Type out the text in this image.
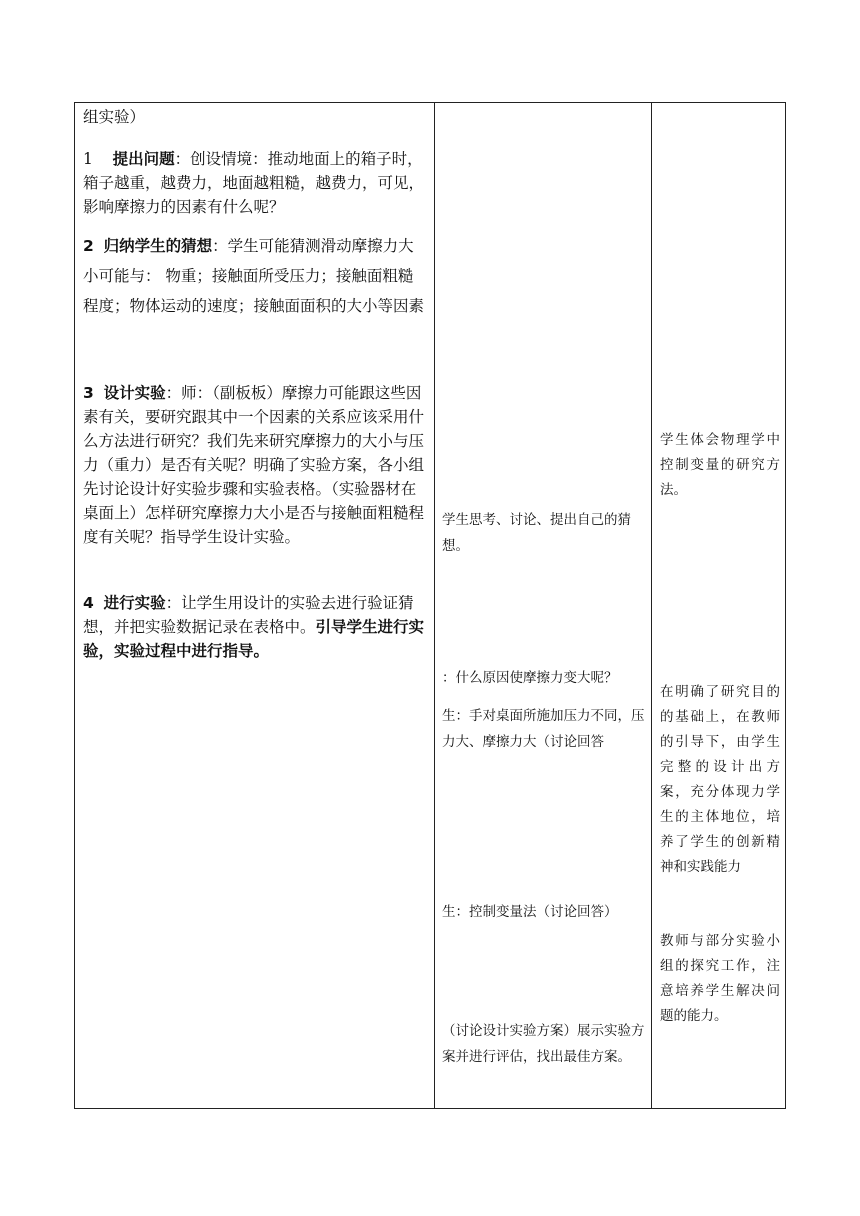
组实验）

1 提出问题：创设情境：推动地面上的箱子时，箱子越重，越费力，地面越粗糙，越费力，可见，影响摩擦力的因素有什么呢？

2 归纳学生的猜想：学生可能猜测滑动摩擦力大小可能与： 物重；接触面所受压力；接触面粗糙程度；物体运动的速度；接触面面积的大小等因素

3 设计实验：师：（副板板）摩擦力可能跟这些因素有关，要研究跟其中一个因素的关系应该采用什么方法进行研究？我们先来研究摩擦力的大小与压力（重力）是否有关呢？明确了实验方案，各小组先讨论设计好实验步骤和实验表格。（实验器材在桌面上）怎样研究摩擦力大小是否与接触面粗糙程度有关呢？指导学生设计实验。

4 进行实验：让学生用设计的实验去进行验证猜想，并把实验数据记录在表格中。引导学生进行实验，实验过程中进行指导。

学生思考、讨论、提出自己的猜想。

：什么原因使摩擦力变大呢？

生：手对桌面所施加压力不同，压力大、摩擦力大（讨论回答

生：控制变量法（讨论回答）

（讨论设计实验方案）展示实验方案并进行评估，找出最佳方案。

学生体会物理学中控制变量的研究方法。

在明确了研究目的的基础上，在教师的引导下，由学生完整的设计出方案，充分体现力学生的主体地位，培养了学生的创新精神和实践能力

教师与部分实验小组的探究工作，注意培养学生解决问题的能力。
